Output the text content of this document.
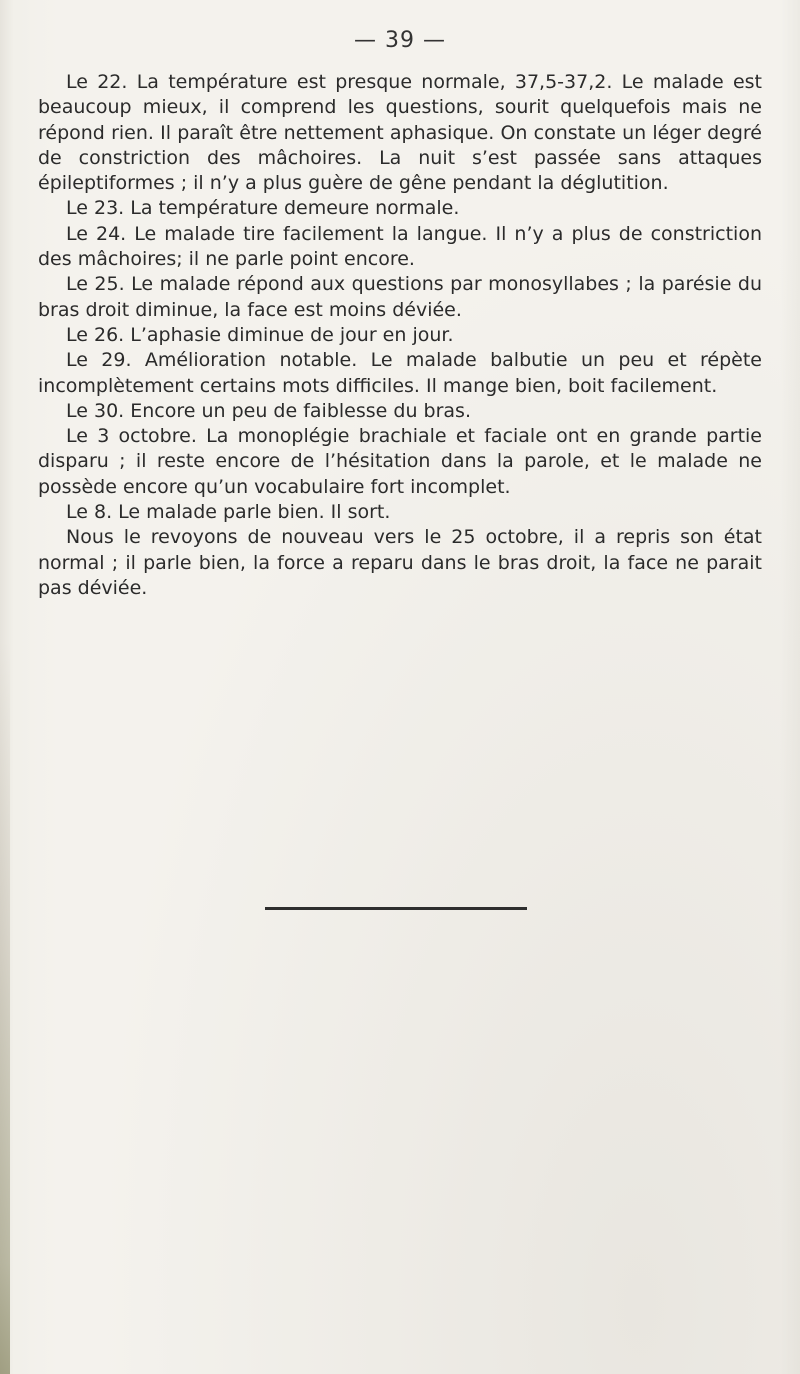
— 39 —

Le 22. La température est presque normale, 37,5-37,2. Le malade est beaucoup mieux, il comprend les questions, sourit quelquefois mais ne répond rien. Il paraît être nettement aphasique. On constate un léger degré de constriction des mâchoires. La nuit s’est passée sans attaques épileptiformes ; il n’y a plus guère de gêne pendant la déglutition.

Le 23. La température demeure normale.

Le 24. Le malade tire facilement la langue. Il n’y a plus de constriction des mâchoires; il ne parle point encore.

Le 25. Le malade répond aux questions par monosyllabes ; la parésie du bras droit diminue, la face est moins déviée.

Le 26. L’aphasie diminue de jour en jour.

Le 29. Amélioration notable. Le malade balbutie un peu et répète incomplètement certains mots difficiles. Il mange bien, boit facilement.

Le 30. Encore un peu de faiblesse du bras.

Le 3 octobre. La monoplégie brachiale et faciale ont en grande partie disparu ; il reste encore de l’hésitation dans la parole, et le malade ne possède encore qu’un vocabulaire fort incomplet.

Le 8. Le malade parle bien. Il sort.

Nous le revoyons de nouveau vers le 25 octobre, il a repris son état normal ; il parle bien, la force a reparu dans le bras droit, la face ne parait pas déviée.
